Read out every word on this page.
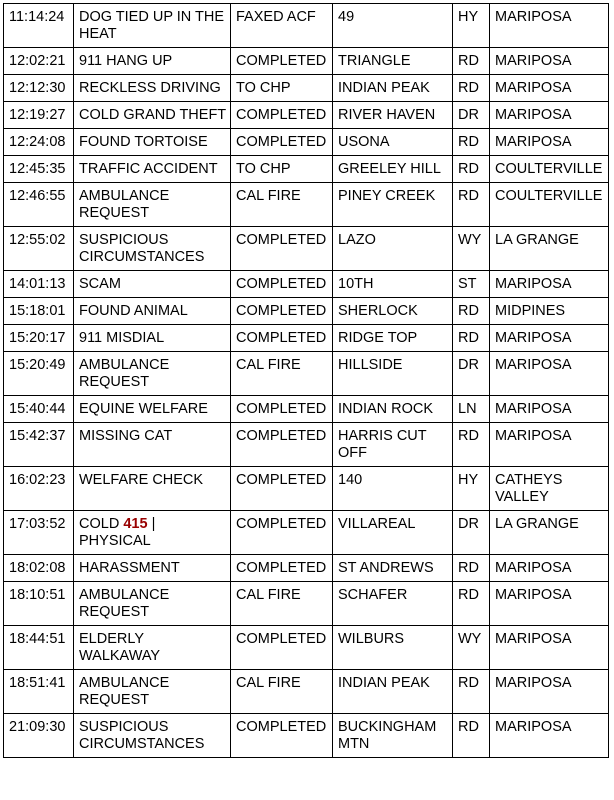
11:14:24	DOG TIED UP IN THE HEAT	FAXED ACF	49	HY	MARIPOSA
12:02:21	911 HANG UP	COMPLETED	TRIANGLE	RD	MARIPOSA
12:12:30	RECKLESS DRIVING	TO CHP	INDIAN PEAK	RD	MARIPOSA
12:19:27	COLD GRAND THEFT	COMPLETED	RIVER HAVEN	DR	MARIPOSA
12:24:08	FOUND TORTOISE	COMPLETED	USONA	RD	MARIPOSA
12:45:35	TRAFFIC ACCIDENT	TO CHP	GREELEY HILL	RD	COULTERVILLE
12:46:55	AMBULANCE REQUEST	CAL FIRE	PINEY CREEK	RD	COULTERVILLE
12:55:02	SUSPICIOUS CIRCUMSTANCES	COMPLETED	LAZO	WY	LA GRANGE
14:01:13	SCAM	COMPLETED	10TH	ST	MARIPOSA
15:18:01	FOUND ANIMAL	COMPLETED	SHERLOCK	RD	MIDPINES
15:20:17	911 MISDIAL	COMPLETED	RIDGE TOP	RD	MARIPOSA
15:20:49	AMBULANCE REQUEST	CAL FIRE	HILLSIDE	DR	MARIPOSA
15:40:44	EQUINE WELFARE	COMPLETED	INDIAN ROCK	LN	MARIPOSA
15:42:37	MISSING CAT	COMPLETED	HARRIS CUT OFF	RD	MARIPOSA
16:02:23	WELFARE CHECK	COMPLETED	140	HY	CATHEYS VALLEY
17:03:52	COLD 415 | PHYSICAL	COMPLETED	VILLAREAL	DR	LA GRANGE
18:02:08	HARASSMENT	COMPLETED	ST ANDREWS	RD	MARIPOSA
18:10:51	AMBULANCE REQUEST	CAL FIRE	SCHAFER	RD	MARIPOSA
18:44:51	ELDERLY WALKAWAY	COMPLETED	WILBURS	WY	MARIPOSA
18:51:41	AMBULANCE REQUEST	CAL FIRE	INDIAN PEAK	RD	MARIPOSA
21:09:30	SUSPICIOUS CIRCUMSTANCES	COMPLETED	BUCKINGHAM MTN	RD	MARIPOSA
